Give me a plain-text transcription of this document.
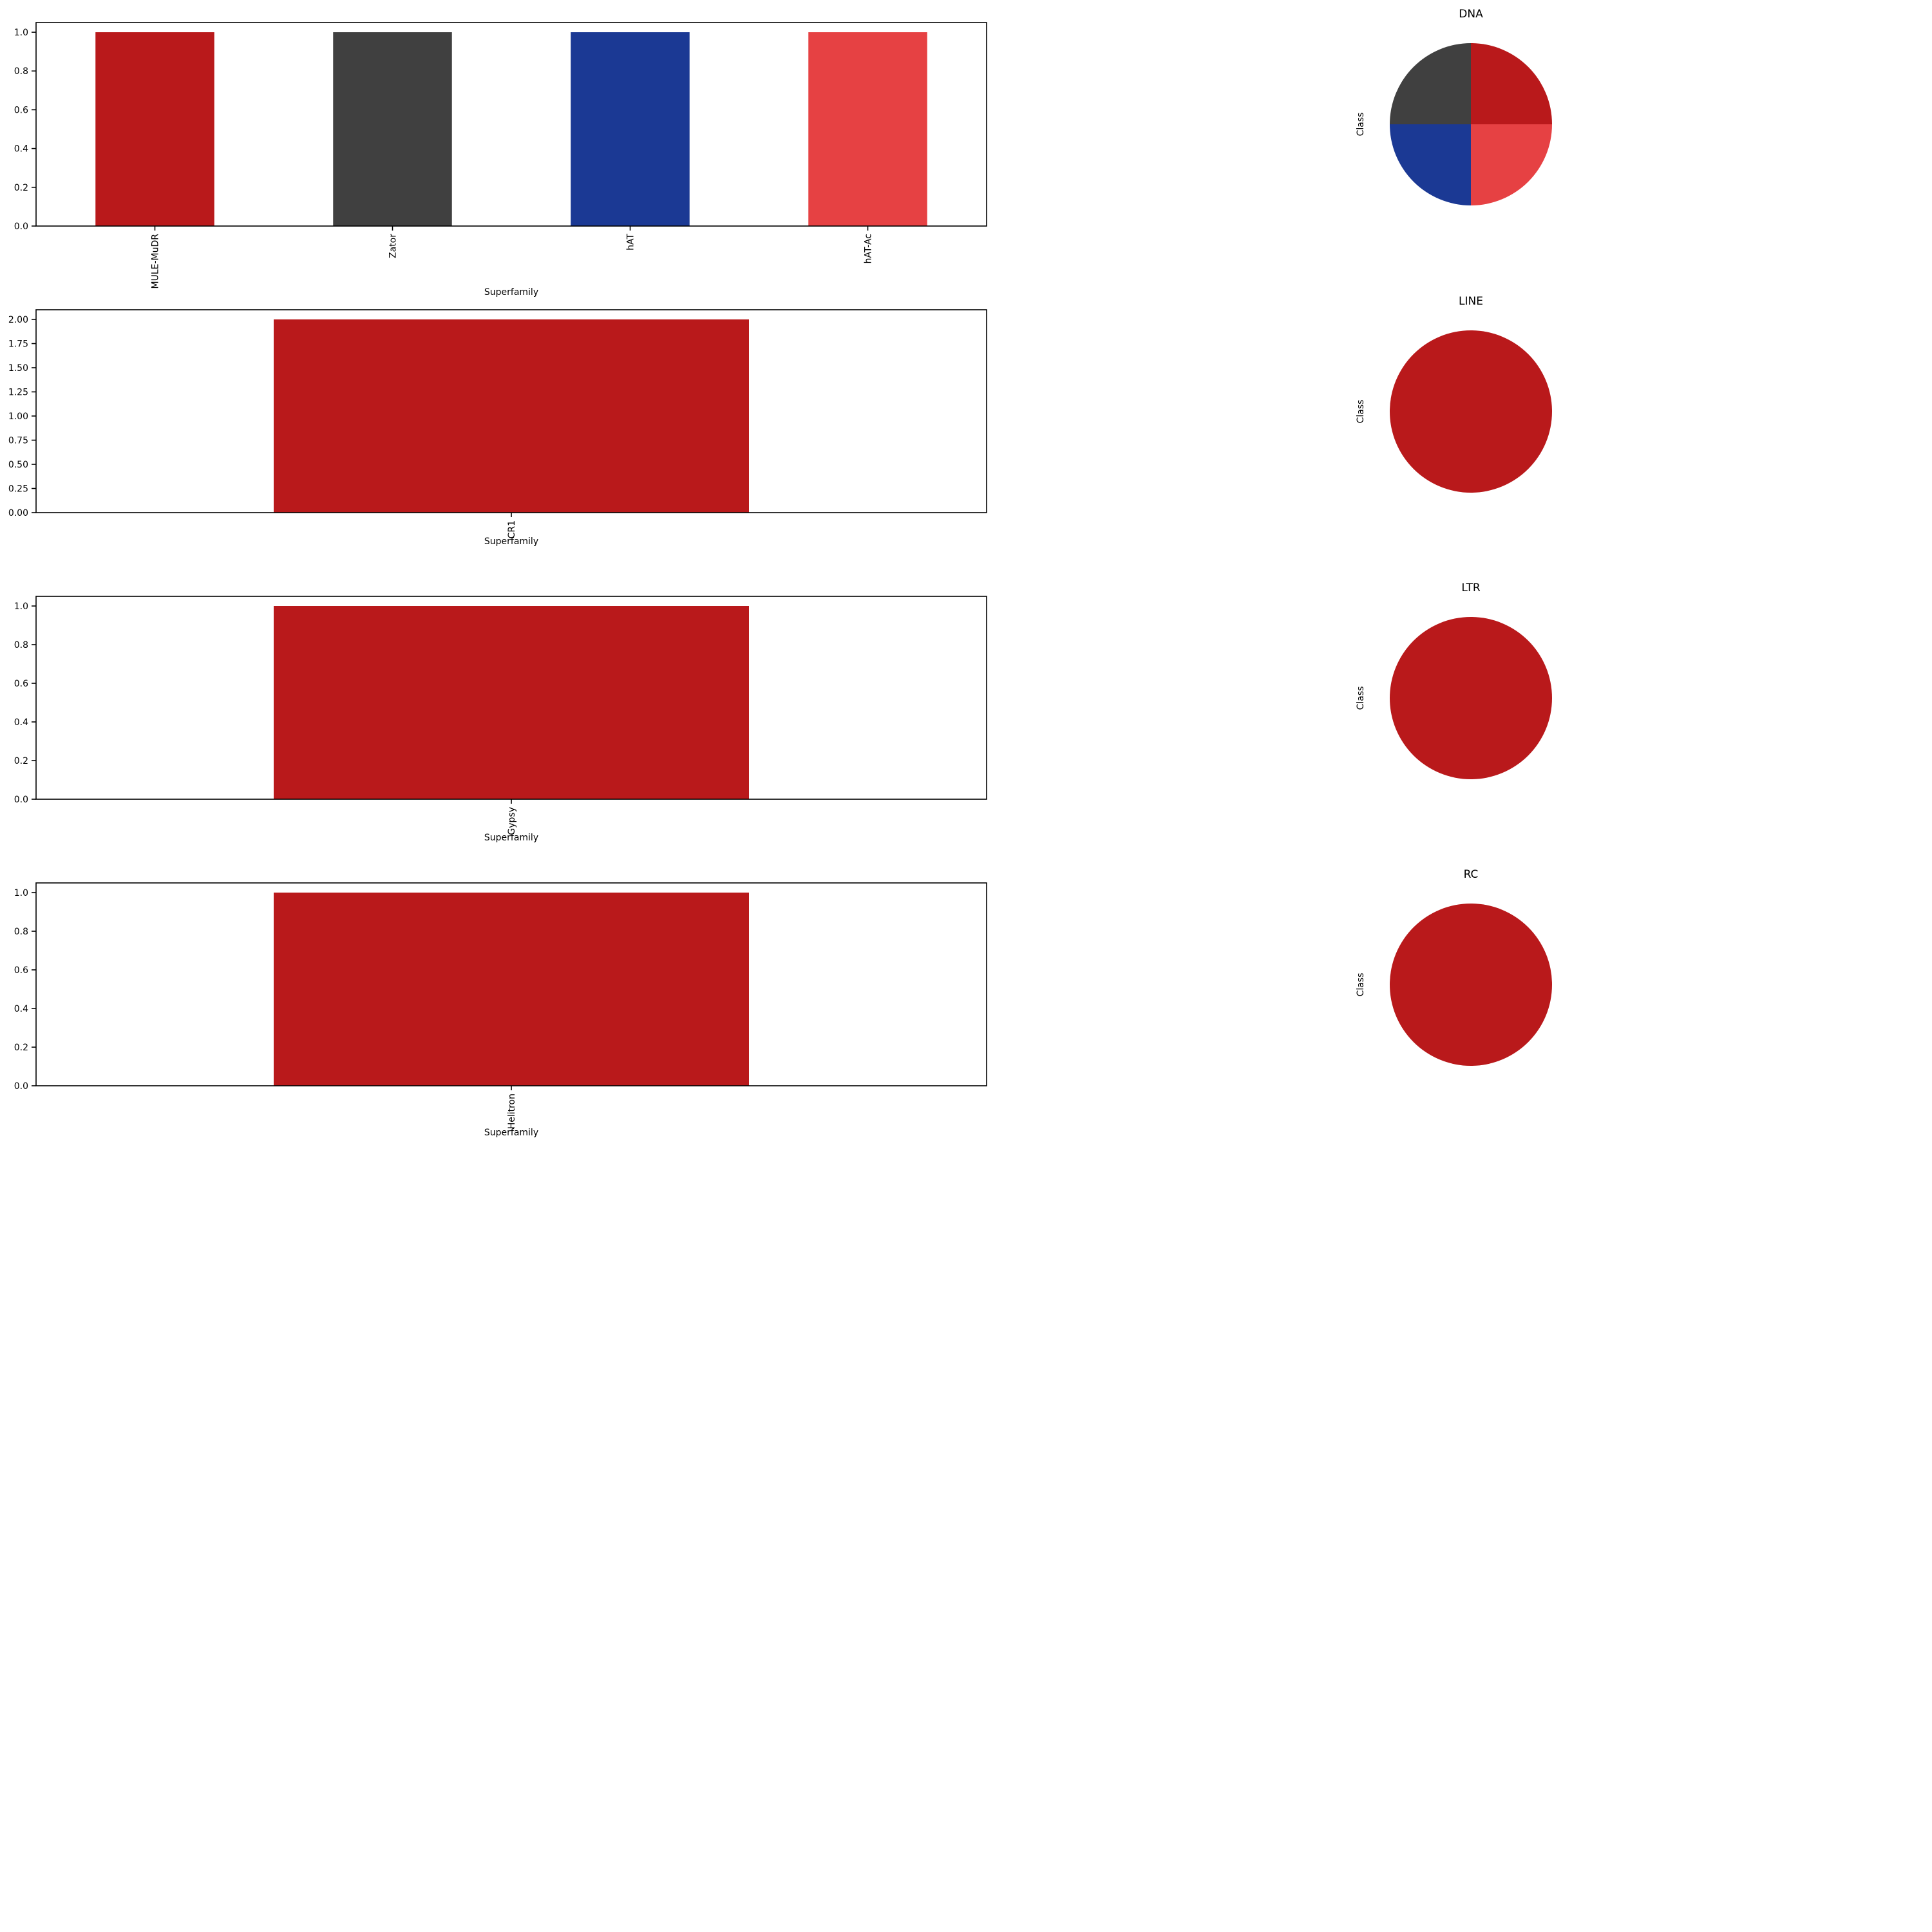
0.0
0.2
0.4
0.6
0.8
1.0
MULE-MuDR	Zator	hAT	hAT-Ac
Superfamily
DNA
Class
0.00
0.25
0.50
0.75
1.00
1.25
1.50
1.75
2.00
CR1
Superfamily
LINE
Class
0.0
0.2
0.4
0.6
0.8
1.0
Gypsy
Superfamily
LTR
Class
0.0
0.2
0.4
0.6
0.8
1.0
Helitron
Superfamily
RC
Class
